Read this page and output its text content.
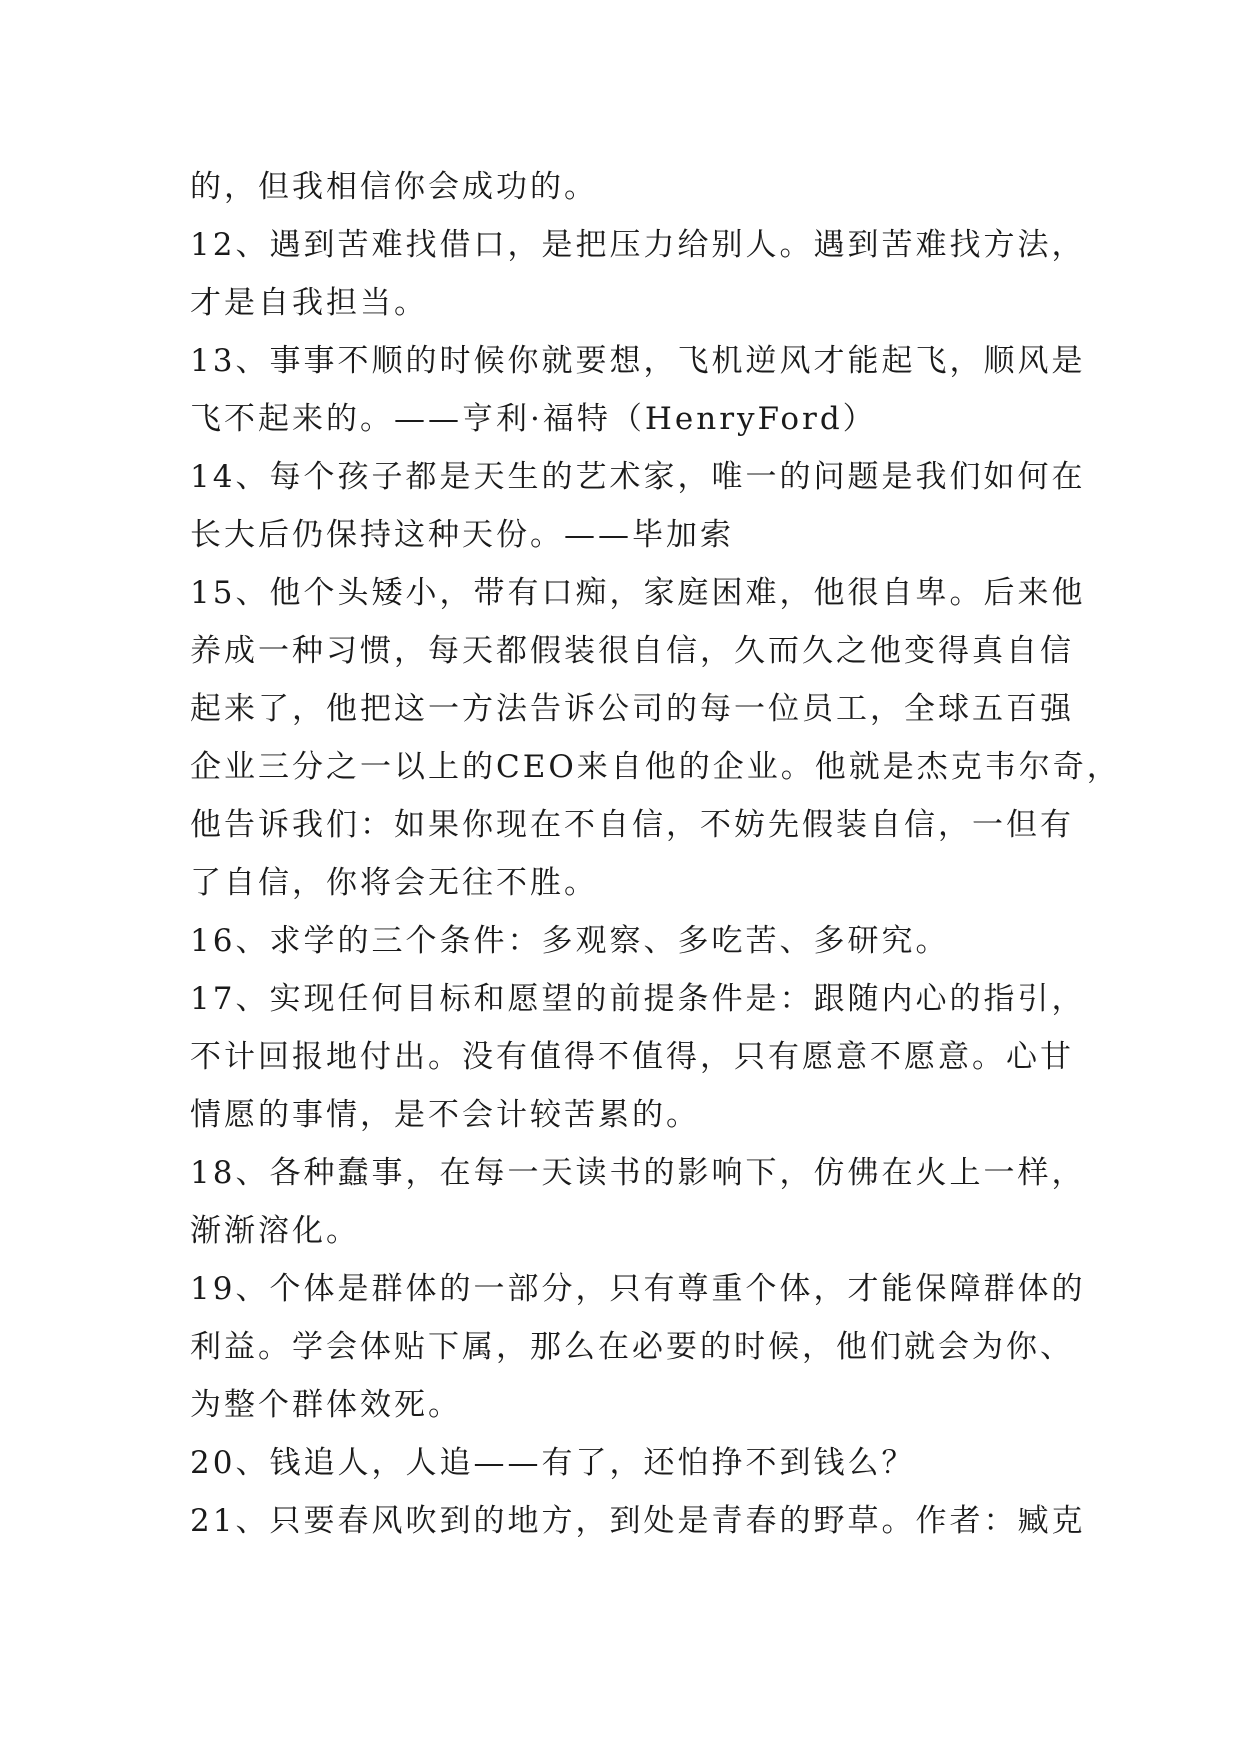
的，但我相信你会成功的。
12、遇到苦难找借口，是把压力给别人。遇到苦难找方法，
才是自我担当。
13、事事不顺的时候你就要想，飞机逆风才能起飞，顺风是
飞不起来的。——亨利·福特（HenryFord）
14、每个孩子都是天生的艺术家，唯一的问题是我们如何在
长大后仍保持这种天份。——毕加索
15、他个头矮小，带有口痴，家庭困难，他很自卑。后来他
养成一种习惯，每天都假装很自信，久而久之他变得真自信
起来了，他把这一方法告诉公司的每一位员工，全球五百强
企业三分之一以上的CEO来自他的企业。他就是杰克韦尔奇，
他告诉我们：如果你现在不自信，不妨先假装自信，一但有
了自信，你将会无往不胜。
16、求学的三个条件：多观察、多吃苦、多研究。
17、实现任何目标和愿望的前提条件是：跟随内心的指引，
不计回报地付出。没有值得不值得，只有愿意不愿意。心甘
情愿的事情，是不会计较苦累的。
18、各种蠢事，在每一天读书的影响下，仿佛在火上一样，
渐渐溶化。
19、个体是群体的一部分，只有尊重个体，才能保障群体的
利益。学会体贴下属，那么在必要的时候，他们就会为你、
为整个群体效死。
20、钱追人，人追——有了，还怕挣不到钱么？
21、只要春风吹到的地方，到处是青春的野草。作者：臧克
